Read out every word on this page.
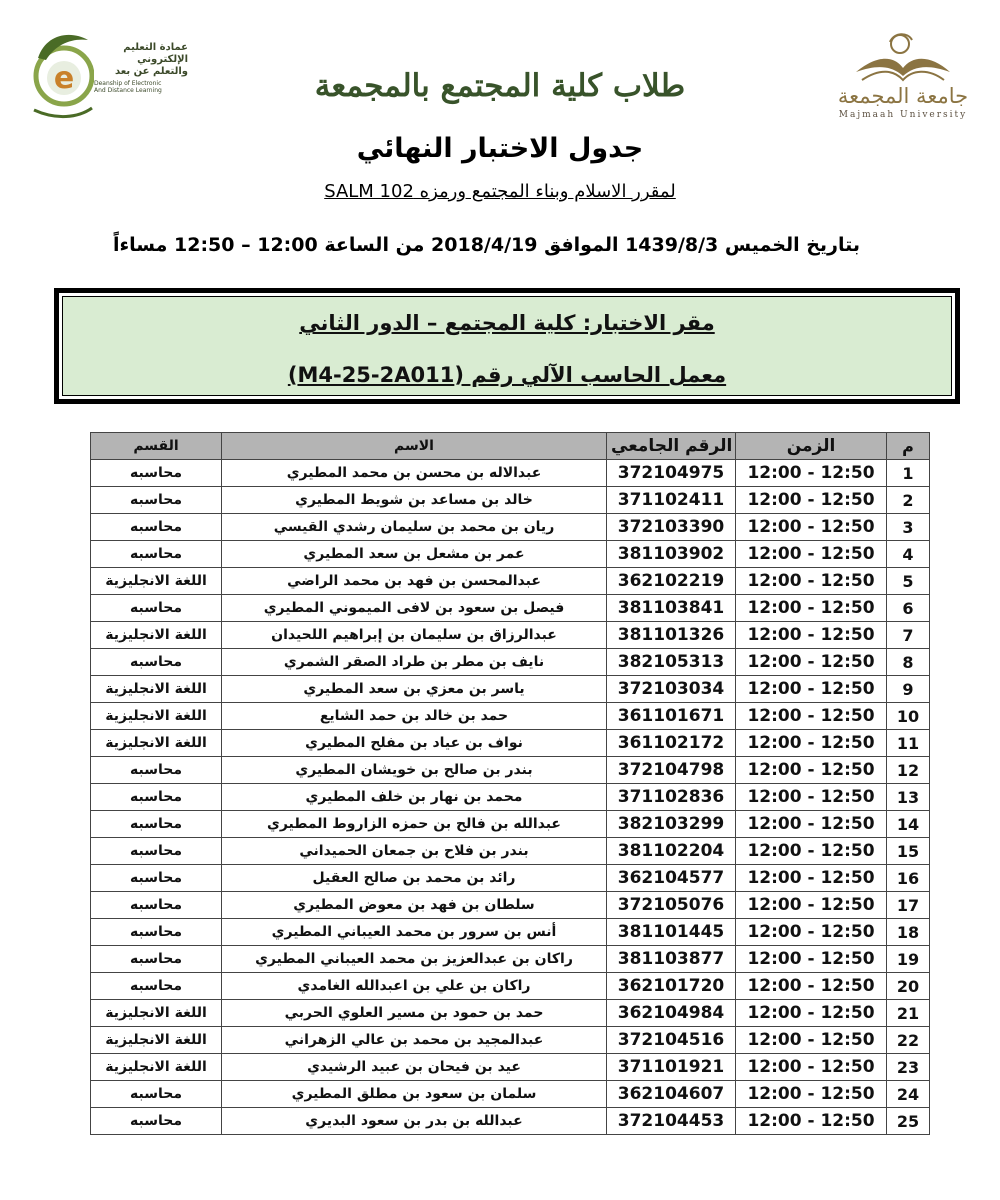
e
عمادة التعليم
الإلكتروني
والتعلم عن بعد
Deanship of Electronic
And Distance Learning	جامعة المجمعة
Majmaah University
طلاب كلية المجتمع بالمجمعة
جدول الاختبار النهائي
لمقرر الاسلام وبناء المجتمع ورمزه SALM 102
بتاريخ الخميس 1439/8/3 الموافق 2018/4/19 من الساعة 12:00 – 12:50 مساءاً
مقر الاختبار: كلية المجتمع – الدور الثاني
معمل الحاسب الآلي رقم (M4-25-2A011)
م	الزمن	الرقم الجامعي	الاسم	القسم
1	12:00 - 12:50	372104975	عبدالاله بن محسن بن محمد المطيري	محاسبه
2	12:00 - 12:50	371102411	خالد بن مساعد بن شويط المطيري	محاسبه
3	12:00 - 12:50	372103390	ريان بن محمد بن سليمان رشدي القيسي	محاسبه
4	12:00 - 12:50	381103902	عمر بن مشعل بن سعد المطيري	محاسبه
5	12:00 - 12:50	362102219	عبدالمحسن بن فهد بن محمد الراضي	اللغة الانجليزية
6	12:00 - 12:50	381103841	فيصل بن سعود بن لافى الميموني المطيري	محاسبه
7	12:00 - 12:50	381101326	عبدالرزاق بن سليمان بن إبراهيم اللحيدان	اللغة الانجليزية
8	12:00 - 12:50	382105313	نايف بن مطر بن طراد الصقر الشمري	محاسبه
9	12:00 - 12:50	372103034	ياسر بن معزي بن سعد المطيري	اللغة الانجليزية
10	12:00 - 12:50	361101671	حمد بن خالد بن حمد الشايع	اللغة الانجليزية
11	12:00 - 12:50	361102172	نواف بن عياد بن مفلح المطيري	اللغة الانجليزية
12	12:00 - 12:50	372104798	بندر بن صالح بن خويشان المطيري	محاسبه
13	12:00 - 12:50	371102836	محمد بن نهار بن خلف المطيري	محاسبه
14	12:00 - 12:50	382103299	عبدالله بن فالح بن حمزه الزاروط المطيري	محاسبه
15	12:00 - 12:50	381102204	بندر بن فلاح بن جمعان الحميداني	محاسبه
16	12:00 - 12:50	362104577	رائد بن محمد بن صالح العقيل	محاسبه
17	12:00 - 12:50	372105076	سلطان بن فهد بن معوض المطيري	محاسبه
18	12:00 - 12:50	381101445	أنس بن سرور بن محمد العيباني المطيري	محاسبه
19	12:00 - 12:50	381103877	راكان بن عبدالعزيز بن محمد العيباني المطيري	محاسبه
20	12:00 - 12:50	362101720	راكان بن علي بن اعبدالله الغامدي	محاسبه
21	12:00 - 12:50	362104984	حمد بن حمود بن مسير العلوي الحربي	اللغة الانجليزية
22	12:00 - 12:50	372104516	عبدالمجيد بن محمد بن عالي الزهراني	اللغة الانجليزية
23	12:00 - 12:50	371101921	عيد بن فيحان بن عبيد الرشيدي	اللغة الانجليزية
24	12:00 - 12:50	362104607	سلمان بن سعود بن مطلق المطيري	محاسبه
25	12:00 - 12:50	372104453	عبدالله بن بدر بن سعود البديري	محاسبه
